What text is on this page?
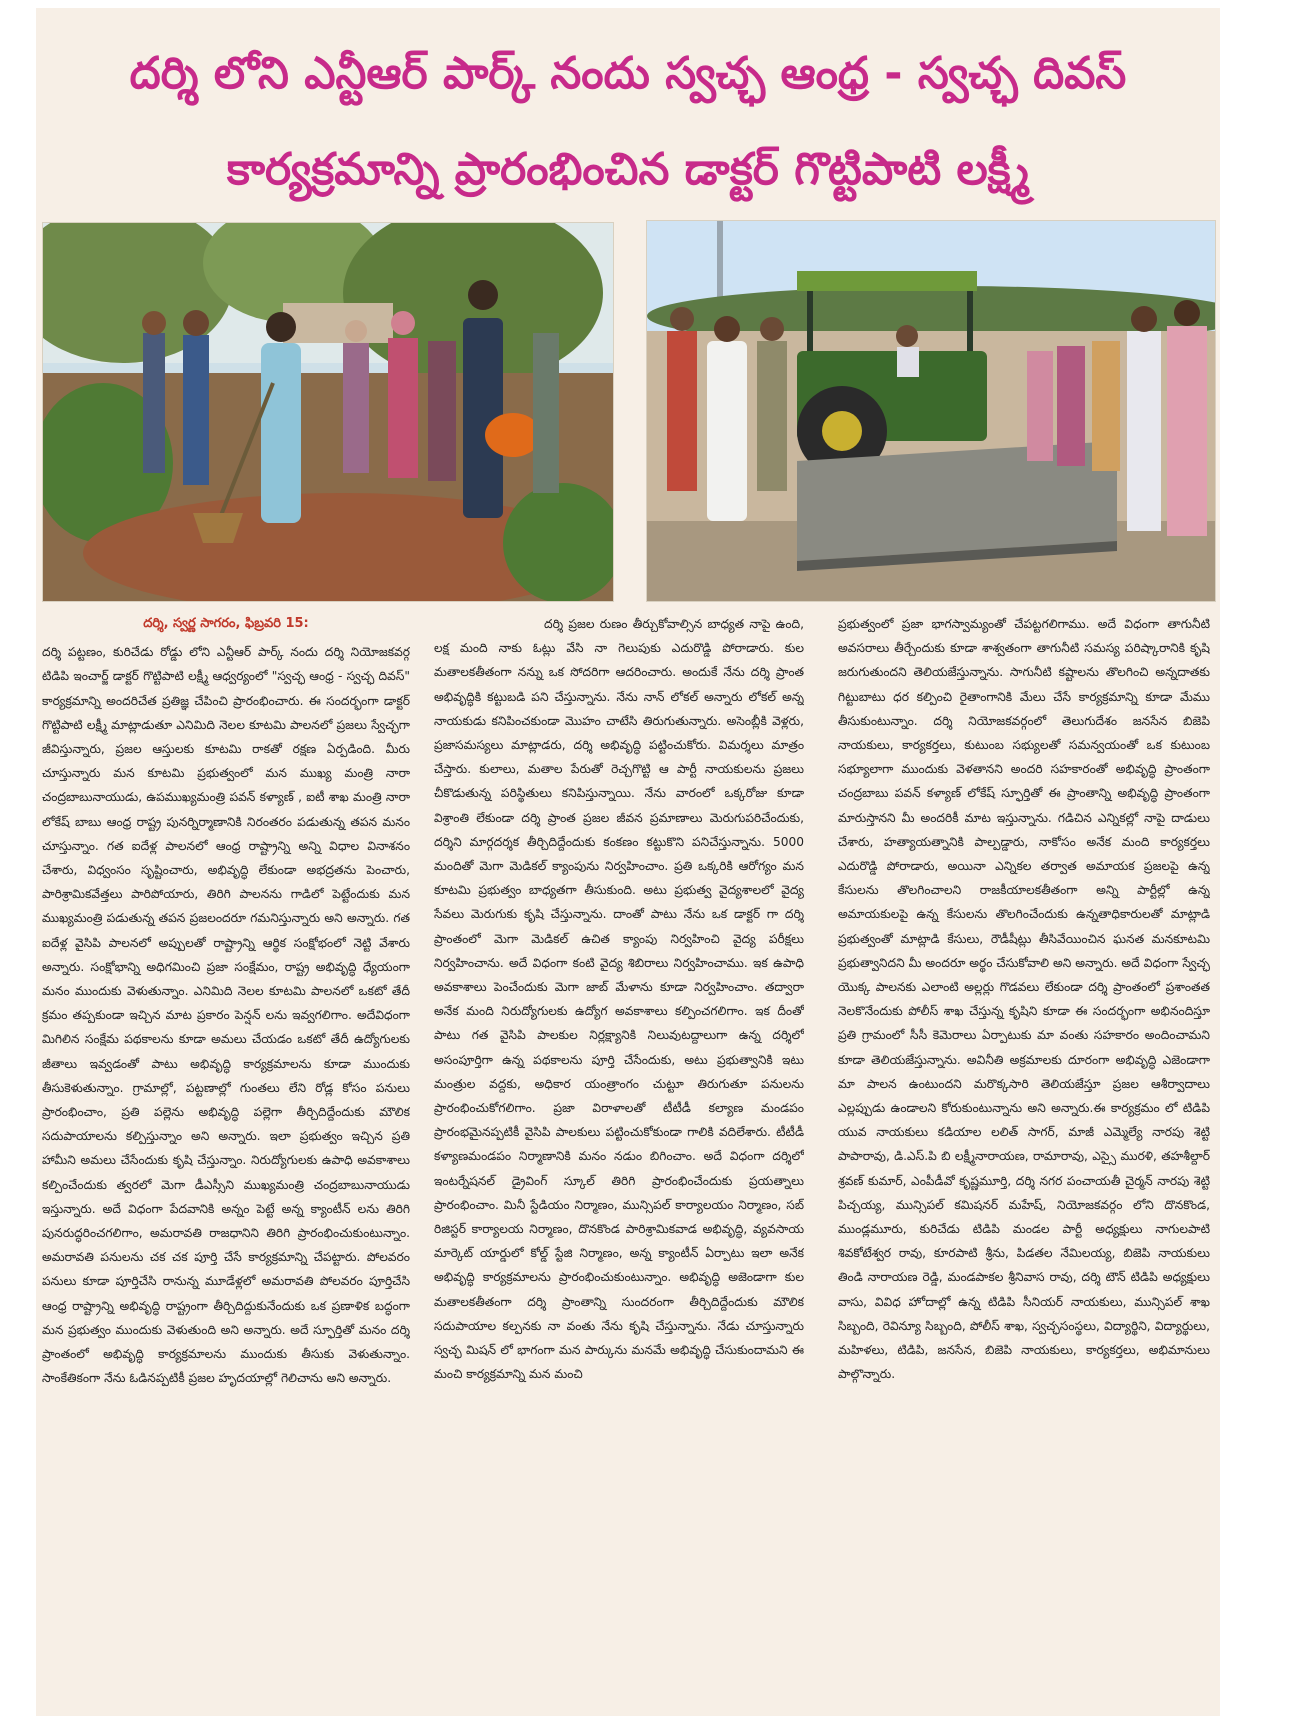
దర్శి లోని ఎన్టీఆర్ పార్క్ నందు స్వచ్ఛ ఆంధ్ర - స్వచ్ఛ దివస్
కార్యక్రమాన్ని ప్రారంభించిన డాక్టర్ గొట్టిపాటి లక్ష్మీ
దర్శి, స్వర్ణ సాగరం, ఫిబ్రవరి 15:

దర్శి పట్టణం, కురిచేడు రోడ్డు లోని ఎన్టీఆర్ పార్క్ నందు దర్శి నియోజకవర్గ టిడిపి ఇంచార్జ్ డాక్టర్ గొట్టిపాటి లక్ష్మీ ఆధ్వర్యంలో "స్వచ్ఛ ఆంధ్ర - స్వచ్ఛ దివస్" కార్యక్రమాన్ని అందరిచేత ప్రతిజ్ఞ చేపించి ప్రారంభించారు. ఈ సందర్భంగా డాక్టర్ గొట్టిపాటి లక్ష్మీ మాట్లాడుతూ ఎనిమిది నెలల కూటమి పాలనలో ప్రజలు స్వేచ్ఛగా జీవిస్తున్నారు, ప్రజల ఆస్తులకు కూటమి రాకతో రక్షణ ఏర్పడింది. మీరు చూస్తున్నారు మన కూటమి ప్రభుత్వంలో మన ముఖ్య మంత్రి నారా చంద్రబాబునాయుడు, ఉపముఖ్యమంత్రి పవన్ కళ్యాణ్ , ఐటీ శాఖ మంత్రి నారా లోకేష్ బాబు ఆంధ్ర రాష్ట్ర పునర్నిర్మాణానికి నిరంతరం పడుతున్న తపన మనం చూస్తున్నాం. గత ఐదేళ్ల పాలనలో ఆంధ్ర రాష్ట్రాన్ని అన్ని విధాల వినాశనం చేశారు, విధ్వంసం సృష్టించారు, అభివృద్ధి లేకుండా అభద్రతను పెంచారు, పారిశ్రామికవేత్తలు పారిపోయారు, తిరిగి పాలనను గాడిలో పెట్టేందుకు మన ముఖ్యమంత్రి పడుతున్న తపన ప్రజలందరూ గమనిస్తున్నారు అని అన్నారు. గత ఐదేళ్ల వైసిపి పాలనలో అప్పులతో రాష్ట్రాన్ని ఆర్థిక సంక్షోభంలో నెట్టి వేశారు అన్నారు. సంక్షోభాన్ని అధిగమించి ప్రజా సంక్షేమం, రాష్ట్ర అభివృద్ధి ధ్యేయంగా మనం ముందుకు వెళుతున్నాం. ఎనిమిది నెలల కూటమి పాలనలో ఒకటో తేదీ క్రమం తప్పకుండా ఇచ్చిన మాట ప్రకారం పెన్షన్ లను ఇవ్వగలిగాం. అదేవిధంగా మిగిలిన సంక్షేమ పథకాలను కూడా అమలు చేయడం ఒకటో తేదీ ఉద్యోగులకు జీతాలు ఇవ్వడంతో పాటు అభివృద్ధి కార్యక్రమాలను కూడా ముందుకు తీసుకెళుతున్నాం. గ్రామాల్లో, పట్టణాల్లో గుంతలు లేని రోడ్ల కోసం పనులు ప్రారంభించాం, ప్రతి పల్లెను అభివృద్ధి పల్లెగా తీర్చిదిద్దేందుకు మౌలిక సదుపాయాలను కల్పిస్తున్నాం అని అన్నారు. ఇలా ప్రభుత్వం ఇచ్చిన ప్రతి హామీని అమలు చేసేందుకు కృషి చేస్తున్నాం. నిరుద్యోగులకు ఉపాధి అవకాశాలు కల్పించేందుకు త్వరలో మెగా డీఎస్సీని ముఖ్యమంత్రి చంద్రబాబునాయుడు ఇస్తున్నారు. అదే విధంగా పేదవానికి అన్నం పెట్టే అన్న క్యాంటీన్ లను తిరిగి పునరుద్ధరించగలిగాం, అమరావతి రాజధానిని తిరిగి ప్రారంభించుకుంటున్నాం. అమరావతి పనులను చక చక పూర్తి చేసే కార్యక్రమాన్ని చేపట్టారు. పోలవరం పనులు కూడా పూర్తిచేసి రానున్న మూడేళ్లలో అమరావతి పోలవరం పూర్తిచేసి ఆంధ్ర రాష్ట్రాన్ని అభివృద్ధి రాష్ట్రంగా తీర్చిదిద్దుకునేందుకు ఒక ప్రణాళిక బద్ధంగా మన ప్రభుత్వం ముందుకు వెళుతుంది అని అన్నారు. అదే స్ఫూర్తితో మనం దర్శి ప్రాంతంలో అభివృద్ధి కార్యక్రమాలను ముందుకు తీసుకు వెళుతున్నాం. సాంకేతికంగా నేను ఓడినప్పటికీ ప్రజల హృదయాల్లో గెలిచాను అని అన్నారు.

దర్శి ప్రజల రుణం తీర్చుకోవాల్సిన బాధ్యత నాపై ఉంది, లక్ష మంది నాకు ఓట్లు వేసి నా గెలుపుకు ఎదురొడ్డి పోరాడారు. కుల మతాలకతీతంగా నన్ను ఒక సోదరిగా ఆదరించారు. అందుకే నేను దర్శి ప్రాంత అభివృద్ధికి కట్టుబడి పని చేస్తున్నాను. నేను నాన్ లోకల్ అన్నారు లోకల్ అన్న నాయకుడు కనిపించకుండా మొహం చాటేసి తిరుగుతున్నారు. అసెంబ్లీకి వెళ్లరు, ప్రజాసమస్యలు మాట్లాడరు, దర్శి అభివృద్ధి పట్టించుకోరు. విమర్శలు మాత్రం చేస్తారు. కులాలు, మతాల పేరుతో రెచ్చగొట్టి ఆ పార్టీ నాయకులను ప్రజలు చీకొడుతున్న పరిస్థితులు కనిపిస్తున్నాయి. నేను వారంలో ఒక్కరోజు కూడా విశ్రాంతి లేకుండా దర్శి ప్రాంత ప్రజల జీవన ప్రమాణాలు మెరుగుపరిచేందుకు, దర్శిని మార్గదర్శక తీర్చిదిద్దేందుకు కంకణం కట్టుకొని పనిచేస్తున్నాను. 5000 మందితో మెగా మెడికల్ క్యాంపును నిర్వహించాం. ప్రతి ఒక్కరికి ఆరోగ్యం మన కూటమి ప్రభుత్వం బాధ్యతగా తీసుకుంది. అటు ప్రభుత్వ వైద్యశాలలో వైద్య సేవలు మెరుగుకు కృషి చేస్తున్నాను. దాంతో పాటు నేను ఒక డాక్టర్ గా దర్శి ప్రాంతంలో మెగా మెడికల్ ఉచిత క్యాంపు నిర్వహించి వైద్య పరీక్షలు నిర్వహించాను. అదే విధంగా కంటి వైద్య శిబిరాలు నిర్వహించాము. ఇక ఉపాధి అవకాశాలు పెంచేందుకు మెగా జాబ్ మేళాను కూడా నిర్వహించాం. తద్వారా అనేక మంది నిరుద్యోగులకు ఉద్యోగ అవకాశాలు కల్పించగలిగాం. ఇక దీంతో పాటు గత వైసిపి పాలకుల నిర్లక్ష్యానికి నిలువుటద్దాలుగా ఉన్న దర్శిలో అసంపూర్తిగా ఉన్న పథకాలను పూర్తి చేసేందుకు, అటు ప్రభుత్వానికి ఇటు మంత్రుల వద్దకు, అధికార యంత్రాంగం చుట్టూ తిరుగుతూ పనులను ప్రారంభించుకోగలిగాం. ప్రజా విరాళాలతో టీటీడీ కల్యాణ మండపం ప్రారంభమైనప్పటికీ వైసిపి పాలకులు పట్టించుకోకుండా గాలికి వదిలేశారు. టీటీడీ కళ్యాణమండపం నిర్మాణానికి మనం నడుం బిగించాం. అదే విధంగా దర్శిలో ఇంటర్నేషనల్ డ్రైవింగ్ స్కూల్ తిరిగి ప్రారంభించేందుకు ప్రయత్నాలు ప్రారంభించాం. మినీ స్టేడియం నిర్మాణం, మున్సిపల్ కార్యాలయం నిర్మాణం, సబ్ రిజిస్టర్ కార్యాలయ నిర్మాణం, దొనకొండ పారిశ్రామికవాడ అభివృద్ధి, వ్యవసాయ మార్కెట్ యార్డులో కోల్డ్ స్టేజి నిర్మాణం, అన్న క్యాంటీన్ ఏర్పాటు ఇలా అనేక అభివృద్ధి కార్యక్రమాలను ప్రారంభించుకుంటున్నాం. అభివృద్ధి అజెండాగా కుల మతాలకతీతంగా దర్శి ప్రాంతాన్ని సుందరంగా తీర్చిదిద్దేందుకు మౌలిక సదుపాయాల కల్పనకు నా వంతు నేను కృషి చేస్తున్నాను. నేడు చూస్తున్నారు స్వచ్ఛ మిషన్ లో భాగంగా మన పార్కును మనమే అభివృద్ధి చేసుకుందామని ఈ మంచి కార్యక్రమాన్ని మన మంచి

ప్రభుత్వంలో ప్రజా భాగస్వామ్యంతో చేపట్టగలిగాము. అదే విధంగా తాగునీటి అవసరాలు తీర్చేందుకు కూడా శాశ్వతంగా తాగునీటి సమస్య పరిష్కారానికి కృషి జరుగుతుందని తెలియజేస్తున్నాను. సాగునీటి కష్టాలను తొలగించి అన్నదాతకు గిట్టుబాటు ధర కల్పించి రైతాంగానికి మేలు చేసే కార్యక్రమాన్ని కూడా మేము తీసుకుంటున్నాం. దర్శి నియోజకవర్గంలో తెలుగుదేశం జనసేన బిజెపి నాయకులు, కార్యకర్తలు, కుటుంబ సభ్యులతో సమన్వయంతో ఒక కుటుంబ సభ్యూలాగా ముందుకు వెళతానని అందరి సహకారంతో అభివృద్ధి ప్రాంతంగా చంద్రబాబు పవన్ కళ్యాణ్ లోకేష్ స్ఫూర్తితో ఈ ప్రాంతాన్ని అభివృద్ధి ప్రాంతంగా మారుస్తానని మీ అందరికీ మాట ఇస్తున్నాను. గడిచిన ఎన్నికల్లో నాపై దాడులు చేశారు, హత్యాయత్నానికి పాల్పడ్డారు, నాకోసం అనేక మంది కార్యకర్తలు ఎదురొడ్డి పోరాడారు, అయినా ఎన్నికల తర్వాత అమాయక ప్రజలపై ఉన్న కేసులను తొలగించాలని రాజకీయాలకతీతంగా అన్ని పార్టీల్లో ఉన్న అమాయకులపై ఉన్న కేసులను తొలగించేందుకు ఉన్నతాధికారులతో మాట్లాడి ప్రభుత్వంతో మాట్లాడి కేసులు, రౌడీషీట్లు తీసివేయించిన ఘనత మనకూటమి ప్రభుత్వానిదని మీ అందరూ అర్థం చేసుకోవాలి అని అన్నారు. అదే విధంగా స్వేచ్ఛ యొక్క పాలనకు ఎలాంటి అల్లర్లు గొడవలు లేకుండా దర్శి ప్రాంతంలో ప్రశాంతత నెలకొనేందుకు పోలీస్ శాఖ చేస్తున్న కృషిని కూడా ఈ సందర్భంగా అభినందిస్తూ ప్రతి గ్రామంలో సీసీ కెమెరాలు ఏర్పాటుకు మా వంతు సహకారం అందించామని కూడా తెలియజేస్తున్నాను. అవినీతి అక్రమాలకు దూరంగా అభివృద్ధి ఎజెండాగా మా పాలన ఉంటుందని మరొక్కసారి తెలియజేస్తూ ప్రజల ఆశీర్వాదాలు ఎల్లప్పుడు ఉండాలని కోరుకుంటున్నాను అని అన్నారు.ఈ కార్యక్రమం లో టిడిపి యువ నాయకులు కడియాల లలిత్ సాగర్, మాజీ ఎమ్మెల్యే నారపు శెట్టి పాపారావు, డి.ఎస్.పి బి లక్ష్మీనారాయణ, రామారావు, ఎస్సై మురళి, తహశీల్దార్ శ్రవణ్ కుమార్, ఎంపీడీవో కృష్ణమూర్తి, దర్శి నగర పంచాయతీ చైర్మన్ నారపు శెట్టి పిచ్చయ్య, మున్సిపల్ కమిషనర్ మహేష్, నియోజకవర్గం లోని దొనకొండ, ముండ్లమూరు, కురిచేడు టిడిపి మండల పార్టీ అధ్యక్షులు నాగులపాటి శివకోటేశ్వర రావు, కూరపాటి శ్రీను, పిడతల నేమిలయ్య, బిజెపి నాయకులు తిండి నారాయణ రెడ్డి, మండపాకల శ్రీనివాస రావు, దర్శి టౌన్ టిడిపి అధ్యక్షులు వాసు, వివిధ హోదాల్లో ఉన్న టిడిపి సీనియర్ నాయకులు, మున్సిపల్ శాఖ సిబ్బంది, రెవిన్యూ సిబ్బంది, పోలీస్ శాఖ, స్వచ్ఛసంస్థలు, విద్యార్థిని, విద్యార్థులు, మహిళలు, టిడిపి, జనసేన, బిజెపి నాయకులు, కార్యకర్తలు, అభిమానులు పాల్గొన్నారు.
